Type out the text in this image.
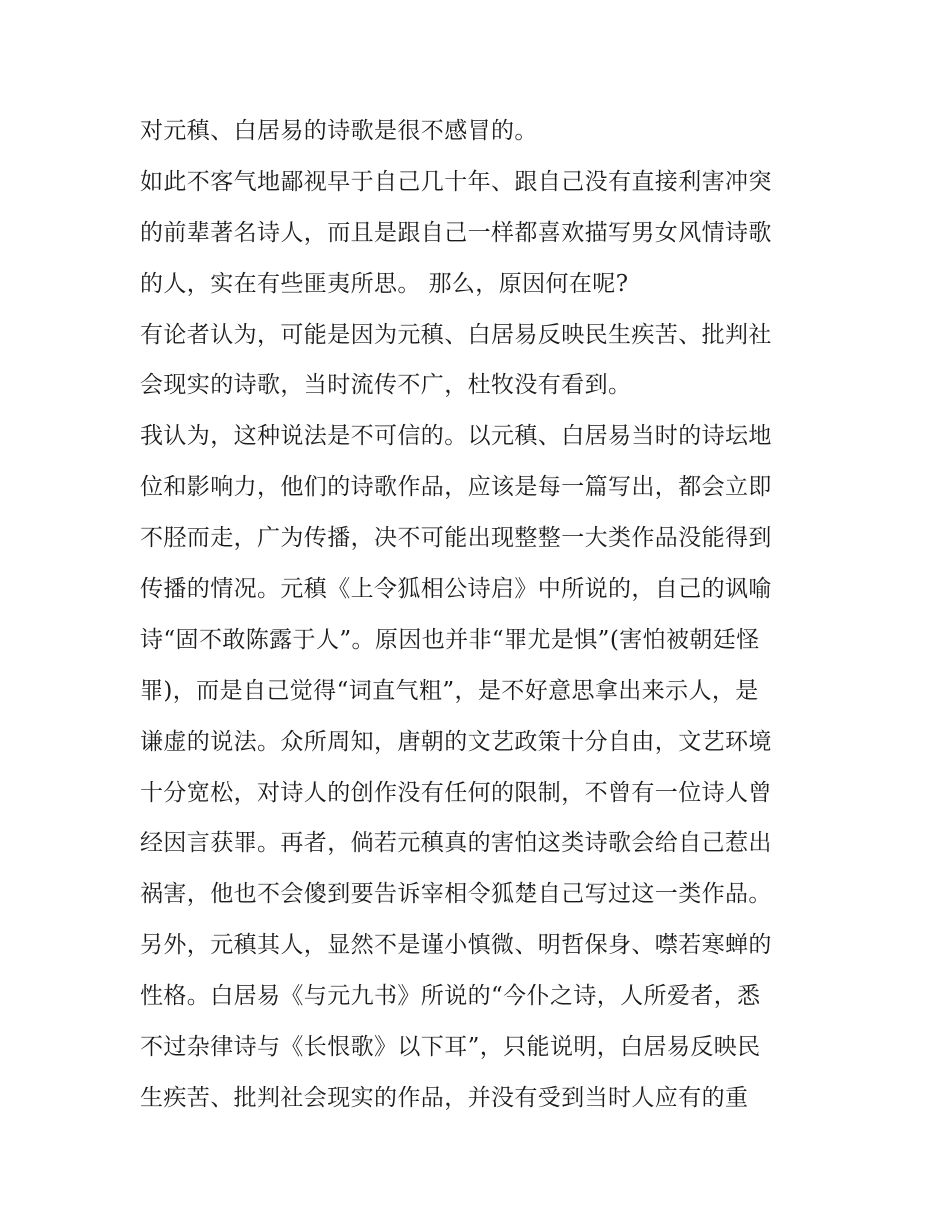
对元稹、白居易的诗歌是很不感冒的。
如此不客气地鄙视早于自己几十年、跟自己没有直接利害冲突
的前辈著名诗人，而且是跟自己一样都喜欢描写男女风情诗歌
的人，实在有些匪夷所思。 那么，原因何在呢?
有论者认为，可能是因为元稹、白居易反映民生疾苦、批判社
会现实的诗歌，当时流传不广，杜牧没有看到。
我认为，这种说法是不可信的。以元稹、白居易当时的诗坛地
位和影响力，他们的诗歌作品，应该是每一篇写出，都会立即
不胫而走，广为传播，决不可能出现整整一大类作品没能得到
传播的情况。元稹《上令狐相公诗启》中所说的，自己的讽喻
诗“固不敢陈露于人”。原因也并非“罪尤是惧”(害怕被朝廷怪
罪)，而是自己觉得“词直气粗”，是不好意思拿出来示人，是
谦虚的说法。众所周知，唐朝的文艺政策十分自由，文艺环境
十分宽松，对诗人的创作没有任何的限制，不曾有一位诗人曾
经因言获罪。再者，倘若元稹真的害怕这类诗歌会给自己惹出
祸害，他也不会傻到要告诉宰相令狐楚自己写过这一类作品。
另外，元稹其人，显然不是谨小慎微、明哲保身、噤若寒蝉的
性格。白居易《与元九书》所说的“今仆之诗，人所爱者，悉
不过杂律诗与《长恨歌》以下耳”，只能说明，白居易反映民
生疾苦、批判社会现实的作品，并没有受到当时人应有的重
